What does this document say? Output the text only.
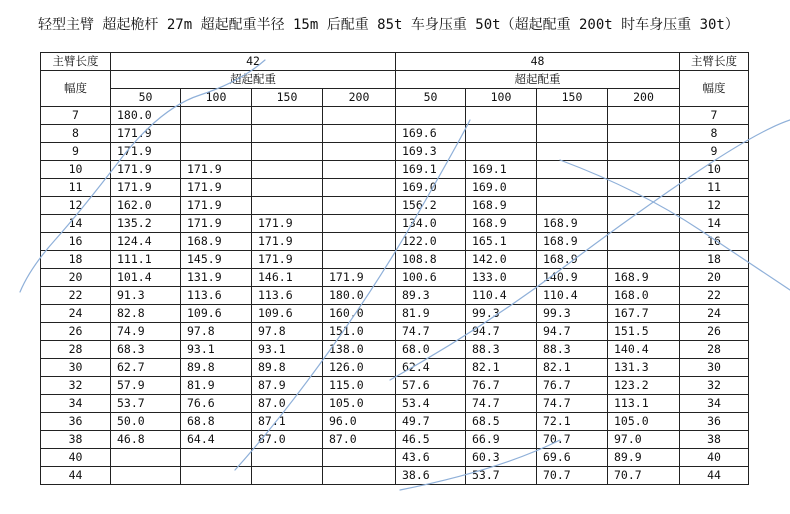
轻型主臂 超起桅杆 27m 超起配重半径 15m 后配重 85t 车身压重 50t（超起配重 200t 时车身压重 30t）
主臂长度	42				48				主臂长度
幅度	超起配重				超起配重				幅度
	50	100	150	200	50	100	150	200	
7	180.0								7
8	171.9				169.6				8
9	171.9				169.3				9
10	171.9	171.9			169.1	169.1			10
11	171.9	171.9			169.0	169.0			11
12	162.0	171.9			156.2	168.9			12
14	135.2	171.9	171.9		134.0	168.9	168.9		14
16	124.4	168.9	171.9		122.0	165.1	168.9		16
18	111.1	145.9	171.9		108.8	142.0	168.9		18
20	101.4	131.9	146.1	171.9	100.6	133.0	140.9	168.9	20
22	91.3	113.6	113.6	180.0	89.3	110.4	110.4	168.0	22
24	82.8	109.6	109.6	160.0	81.9	99.3	99.3	167.7	24
26	74.9	97.8	97.8	151.0	74.7	94.7	94.7	151.5	26
28	68.3	93.1	93.1	138.0	68.0	88.3	88.3	140.4	28
30	62.7	89.8	89.8	126.0	62.4	82.1	82.1	131.3	30
32	57.9	81.9	87.9	115.0	57.6	76.7	76.7	123.2	32
34	53.7	76.6	87.0	105.0	53.4	74.7	74.7	113.1	34
36	50.0	68.8	87.1	96.0	49.7	68.5	72.1	105.0	36
38	46.8	64.4	87.0	87.0	46.5	66.9	70.7	97.0	38
40					43.6	60.3	69.6	89.9	40
44					38.6	53.7	70.7	70.7	44
